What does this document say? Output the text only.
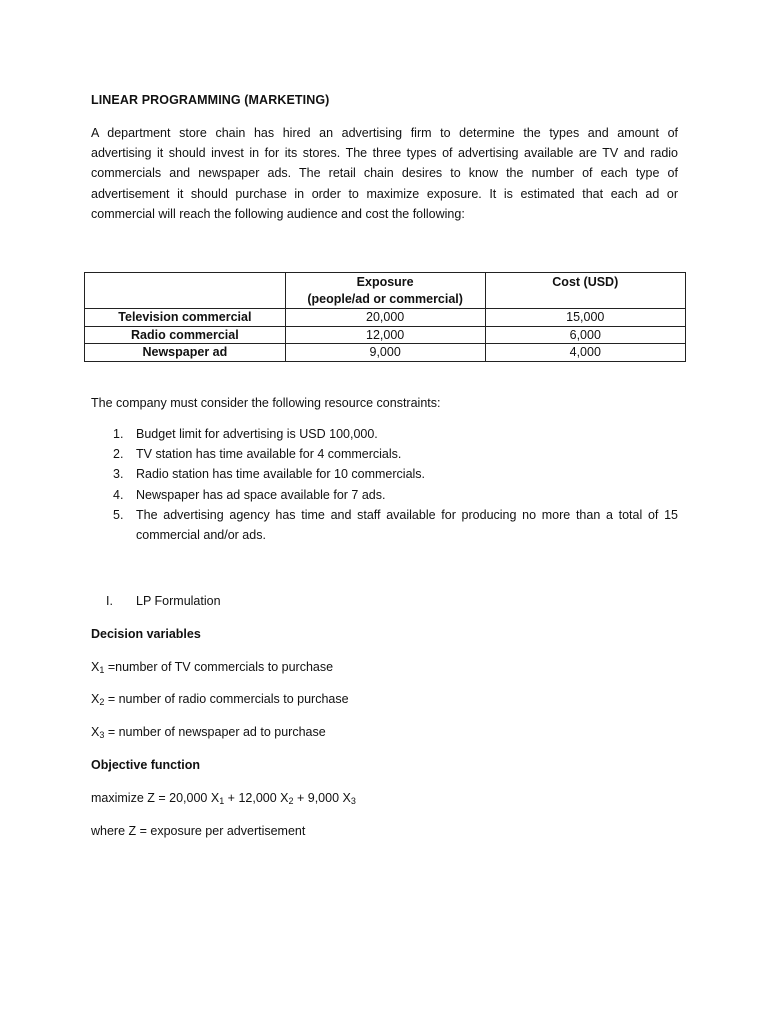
LINEAR PROGRAMMING (MARKETING)
A department store chain has hired an advertising firm to determine the types and amount of
advertising it should invest in for its stores. The three types of advertising available are TV and radio
commercials and newspaper ads. The retail chain desires to know the number of each type of
advertisement it should purchase in order to maximize exposure. It is estimated that each ad or
commercial will reach the following audience and cost the following:

	Exposure
(people/ad or commercial)	Cost (USD)
Television commercial	20,000	15,000
Radio commercial	12,000	6,000
Newspaper ad	9,000	4,000
The company must consider the following resource constraints:
1. Budget limit for advertising is USD 100,000.
2. TV station has time available for 4 commercials.
3. Radio station has time available for 10 commercials.
4. Newspaper has ad space available for 7 ads.
5. The advertising agency has time and staff available for producing no more than a total of 15
commercial and/or ads.
I. LP Formulation
Decision variables
$X_1$ =number of TV commercials to purchase
$X_2$ = number of radio commercials to purchase
$X_3$ = number of newspaper ad to purchase
Objective function
maximize Z = 20,000 $X_1 + 12,000$ $X_2 + 9,000$ $X_3$
where Z = exposure per advertisement
